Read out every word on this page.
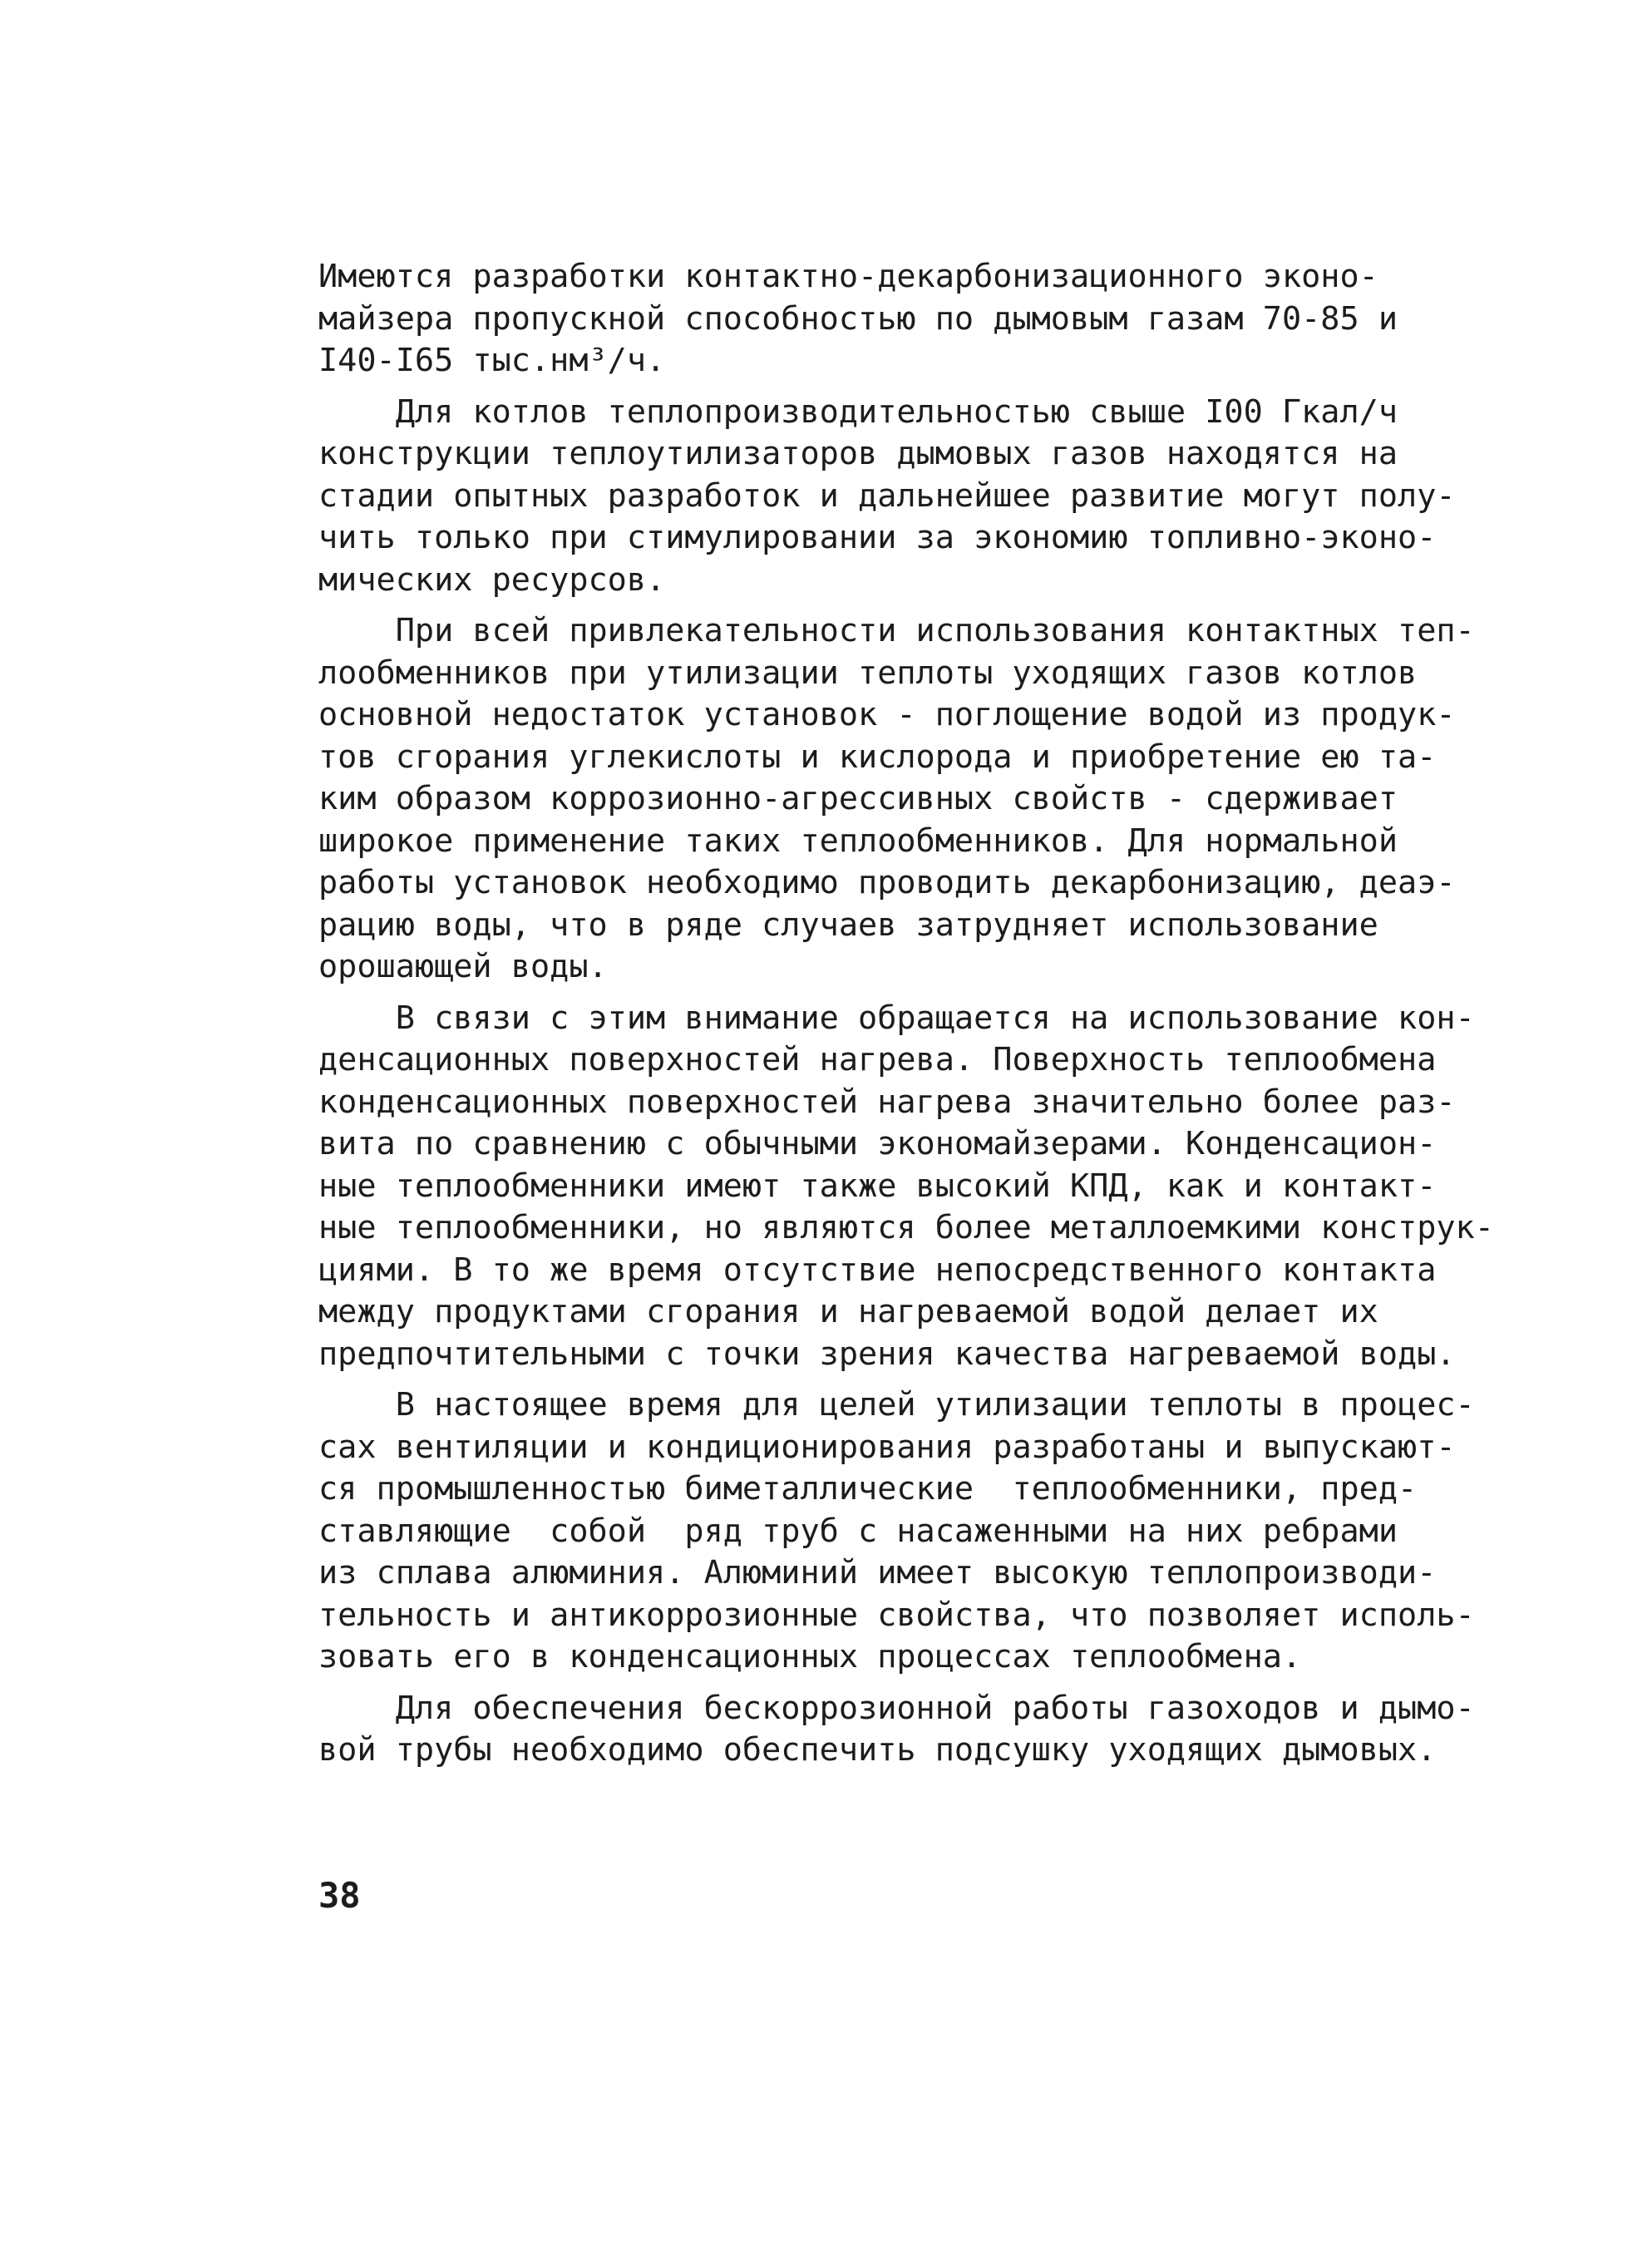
Имеются разработки контактно-декарбонизационного эконо-
майзера пропускной способностью по дымовым газам 70-85 и
I40-I65 тыс.нм³/ч.
Для котлов теплопроизводительностью свыше I00 Гкал/ч
конструкции теплоутилизаторов дымовых газов находятся на
стадии опытных разработок и дальнейшее развитие могут полу-
чить только при стимулировании за экономию топливно-эконо-
мических ресурсов.
При всей привлекательности использования контактных теп-
лообменников при утилизации теплоты уходящих газов котлов
основной недостаток установок - поглощение водой из продук-
тов сгорания углекислоты и кислорода и приобретение ею та-
ким образом коррозионно-агрессивных свойств - сдерживает
широкое применение таких теплообменников. Для нормальной
работы установок необходимо проводить декарбонизацию, деаэ-
рацию воды, что в ряде случаев затрудняет использование
орошающей воды.
В связи с этим внимание обращается на использование кон-
денсационных поверхностей нагрева. Поверхность теплообмена
конденсационных поверхностей нагрева значительно более раз-
вита по сравнению с обычными экономайзерами. Конденсацион-
ные теплообменники имеют также высокий КПД, как и контакт-
ные теплообменники, но являются более металлоемкими конструк-
циями. В то же время отсутствие непосредственного контакта
между продуктами сгорания и нагреваемой водой делает их
предпочтительными с точки зрения качества нагреваемой воды.
В настоящее время для целей утилизации теплоты в процес-
сах вентиляции и кондиционирования разработаны и выпускают-
ся промышленностью биметаллические  теплообменники, пред-
ставляющие  собой  ряд труб с насаженными на них ребрами
из сплава алюминия. Алюминий имеет высокую теплопроизводи-
тельность и антикоррозионные свойства, что позволяет исполь-
зовать его в конденсационных процессах теплообмена.
Для обеспечения бескоррозионной работы газоходов и дымо-
вой трубы необходимо обеспечить подсушку уходящих дымовых.
38
